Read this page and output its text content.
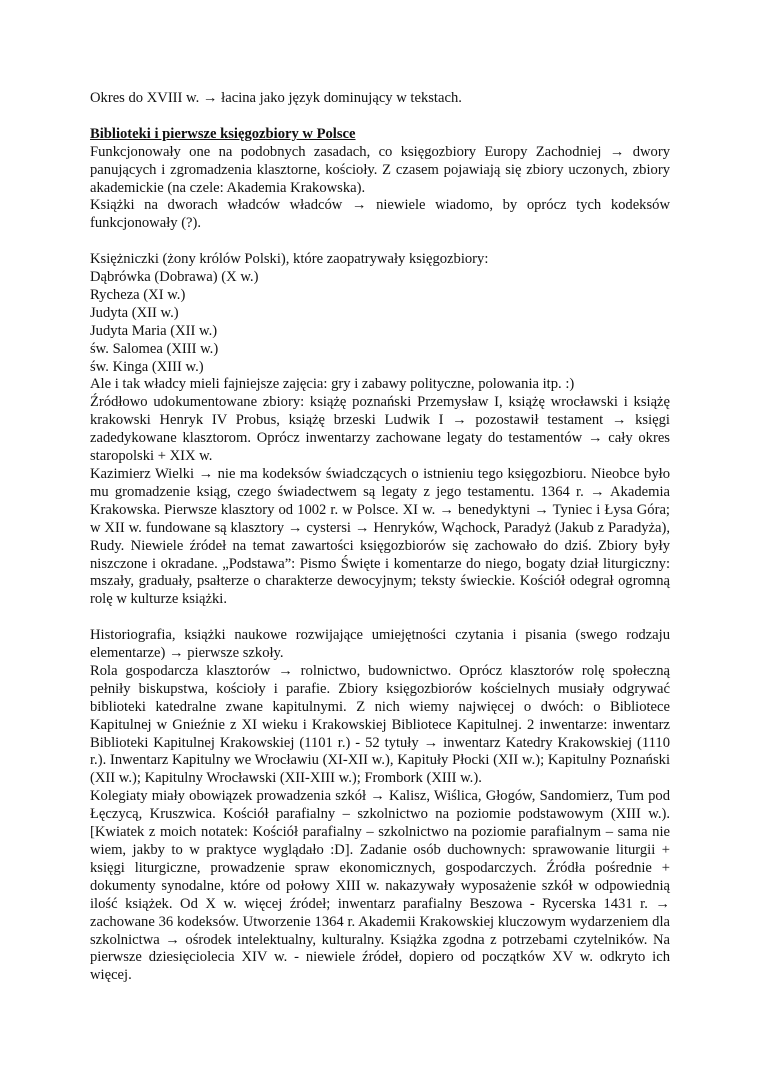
Okres do XVIII w. → łacina jako język dominujący w tekstach.

Biblioteki i pierwsze księgozbiory w Polsce

Funkcjonowały one na podobnych zasadach, co księgozbiory Europy Zachodniej → dwory panujących i zgromadzenia klasztorne, kościoły. Z czasem pojawiają się zbiory uczonych, zbiory akademickie (na czele: Akademia Krakowska).

Książki na dworach władców władców → niewiele wiadomo, by oprócz tych kodeksów funkcjonowały (?).

Księżniczki (żony królów Polski), które zaopatrywały księgozbiory:

Dąbrówka (Dobrawa) (X w.)

Rycheza (XI w.)

Judyta (XII w.)

Judyta Maria (XII w.)

św. Salomea (XIII w.)

św. Kinga (XIII w.)

Ale i tak władcy mieli fajniejsze zajęcia: gry i zabawy polityczne, polowania itp. :)

Źródłowo udokumentowane zbiory: książę poznański Przemysław I, książę wrocławski i książę krakowski Henryk IV Probus, książę brzeski Ludwik I → pozostawił testament → księgi zadedykowane klasztorom. Oprócz inwentarzy zachowane legaty do testamentów → cały okres staropolski + XIX w.

Kazimierz Wielki → nie ma kodeksów świadczących o istnieniu tego księgozbioru. Nieobce było mu gromadzenie ksiąg, czego świadectwem są legaty z jego testamentu. 1364 r. → Akademia Krakowska. Pierwsze klasztory od 1002 r. w Polsce. XI w. → benedyktyni → Tyniec i Łysa Góra; w XII w. fundowane są klasztory → cystersi → Henryków, Wąchock, Paradyż (Jakub z Paradyża), Rudy. Niewiele źródeł na temat zawartości księgozbiorów się zachowało do dziś. Zbiory były niszczone i okradane. „Podstawa”: Pismo Święte i komentarze do niego, bogaty dział liturgiczny: mszały, graduały, psałterze o charakterze dewocyjnym; teksty świeckie. Kościół odegrał ogromną rolę w kulturze książki.

Historiografia, książki naukowe rozwijające umiejętności czytania i pisania (swego rodzaju elementarze) → pierwsze szkoły.

Rola gospodarcza klasztorów → rolnictwo, budownictwo. Oprócz klasztorów rolę społeczną pełniły biskupstwa, kościoły i parafie. Zbiory księgozbiorów kościelnych musiały odgrywać biblioteki katedralne zwane kapitulnymi. Z nich wiemy najwięcej o dwóch: o Bibliotece Kapitulnej w Gnieźnie z XI wieku i Krakowskiej Bibliotece Kapitulnej. 2 inwentarze: inwentarz Biblioteki Kapitulnej Krakowskiej (1101 r.) - 52 tytuły → inwentarz Katedry Krakowskiej (1110 r.). Inwentarz Kapitulny we Wrocławiu (XI-XII w.), Kapituły Płocki (XII w.); Kapitulny Poznański (XII w.); Kapitulny Wrocławski (XII-XIII w.); Frombork (XIII w.).

Kolegiaty miały obowiązek prowadzenia szkół → Kalisz, Wiślica, Głogów, Sandomierz, Tum pod Łęczycą, Kruszwica. Kościół parafialny – szkolnictwo na poziomie podstawowym (XIII w.). [Kwiatek z moich notatek: Kościół parafialny – szkolnictwo na poziomie parafialnym – sama nie wiem, jakby to w praktyce wyglądało :D]. Zadanie osób duchownych: sprawowanie liturgii + księgi liturgiczne, prowadzenie spraw ekonomicznych, gospodarczych. Źródła pośrednie + dokumenty synodalne, które od połowy XIII w. nakazywały wyposażenie szkół w odpowiednią ilość książek. Od X w. więcej źródeł; inwentarz parafialny Beszowa - Rycerska 1431 r. → zachowane 36 kodeksów. Utworzenie 1364 r. Akademii Krakowskiej kluczowym wydarzeniem dla szkolnictwa → ośrodek intelektualny, kulturalny. Książka zgodna z potrzebami czytelników. Na pierwsze dziesięciolecia XIV w. - niewiele źródeł, dopiero od początków XV w. odkryto ich więcej.
